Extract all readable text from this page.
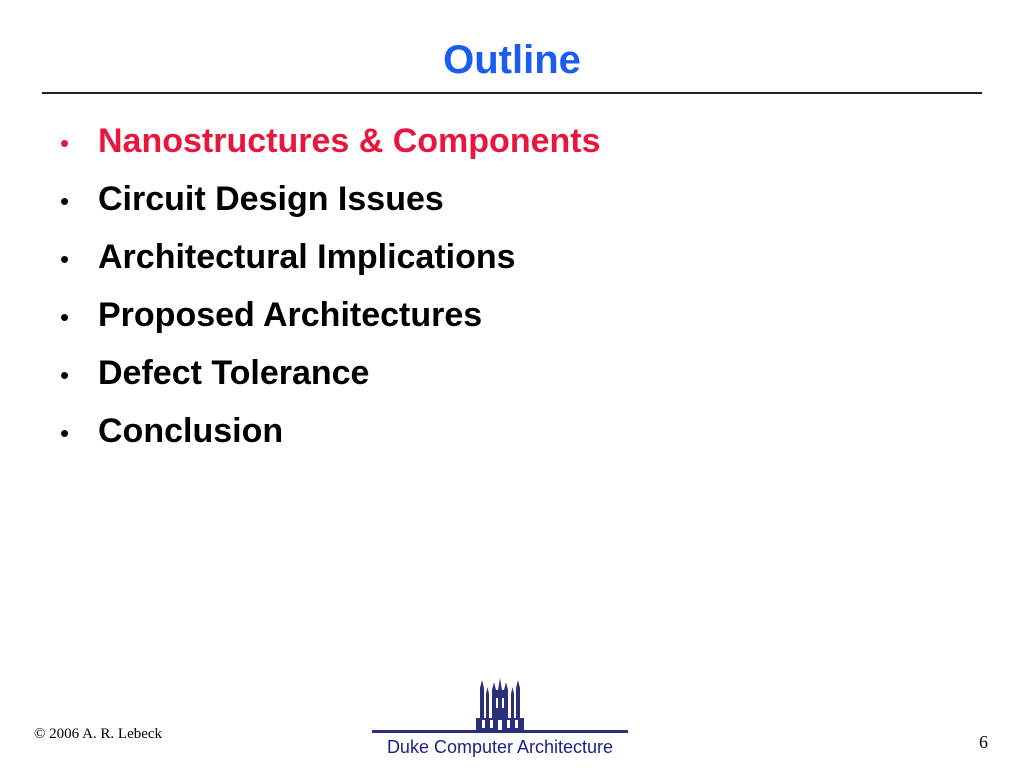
Outline
• Nanostructures & Components
• Circuit Design Issues
• Architectural Implications
• Proposed Architectures
• Defect Tolerance
• Conclusion
© 2006 A. R. Lebeck
Duke Computer Architecture	6
